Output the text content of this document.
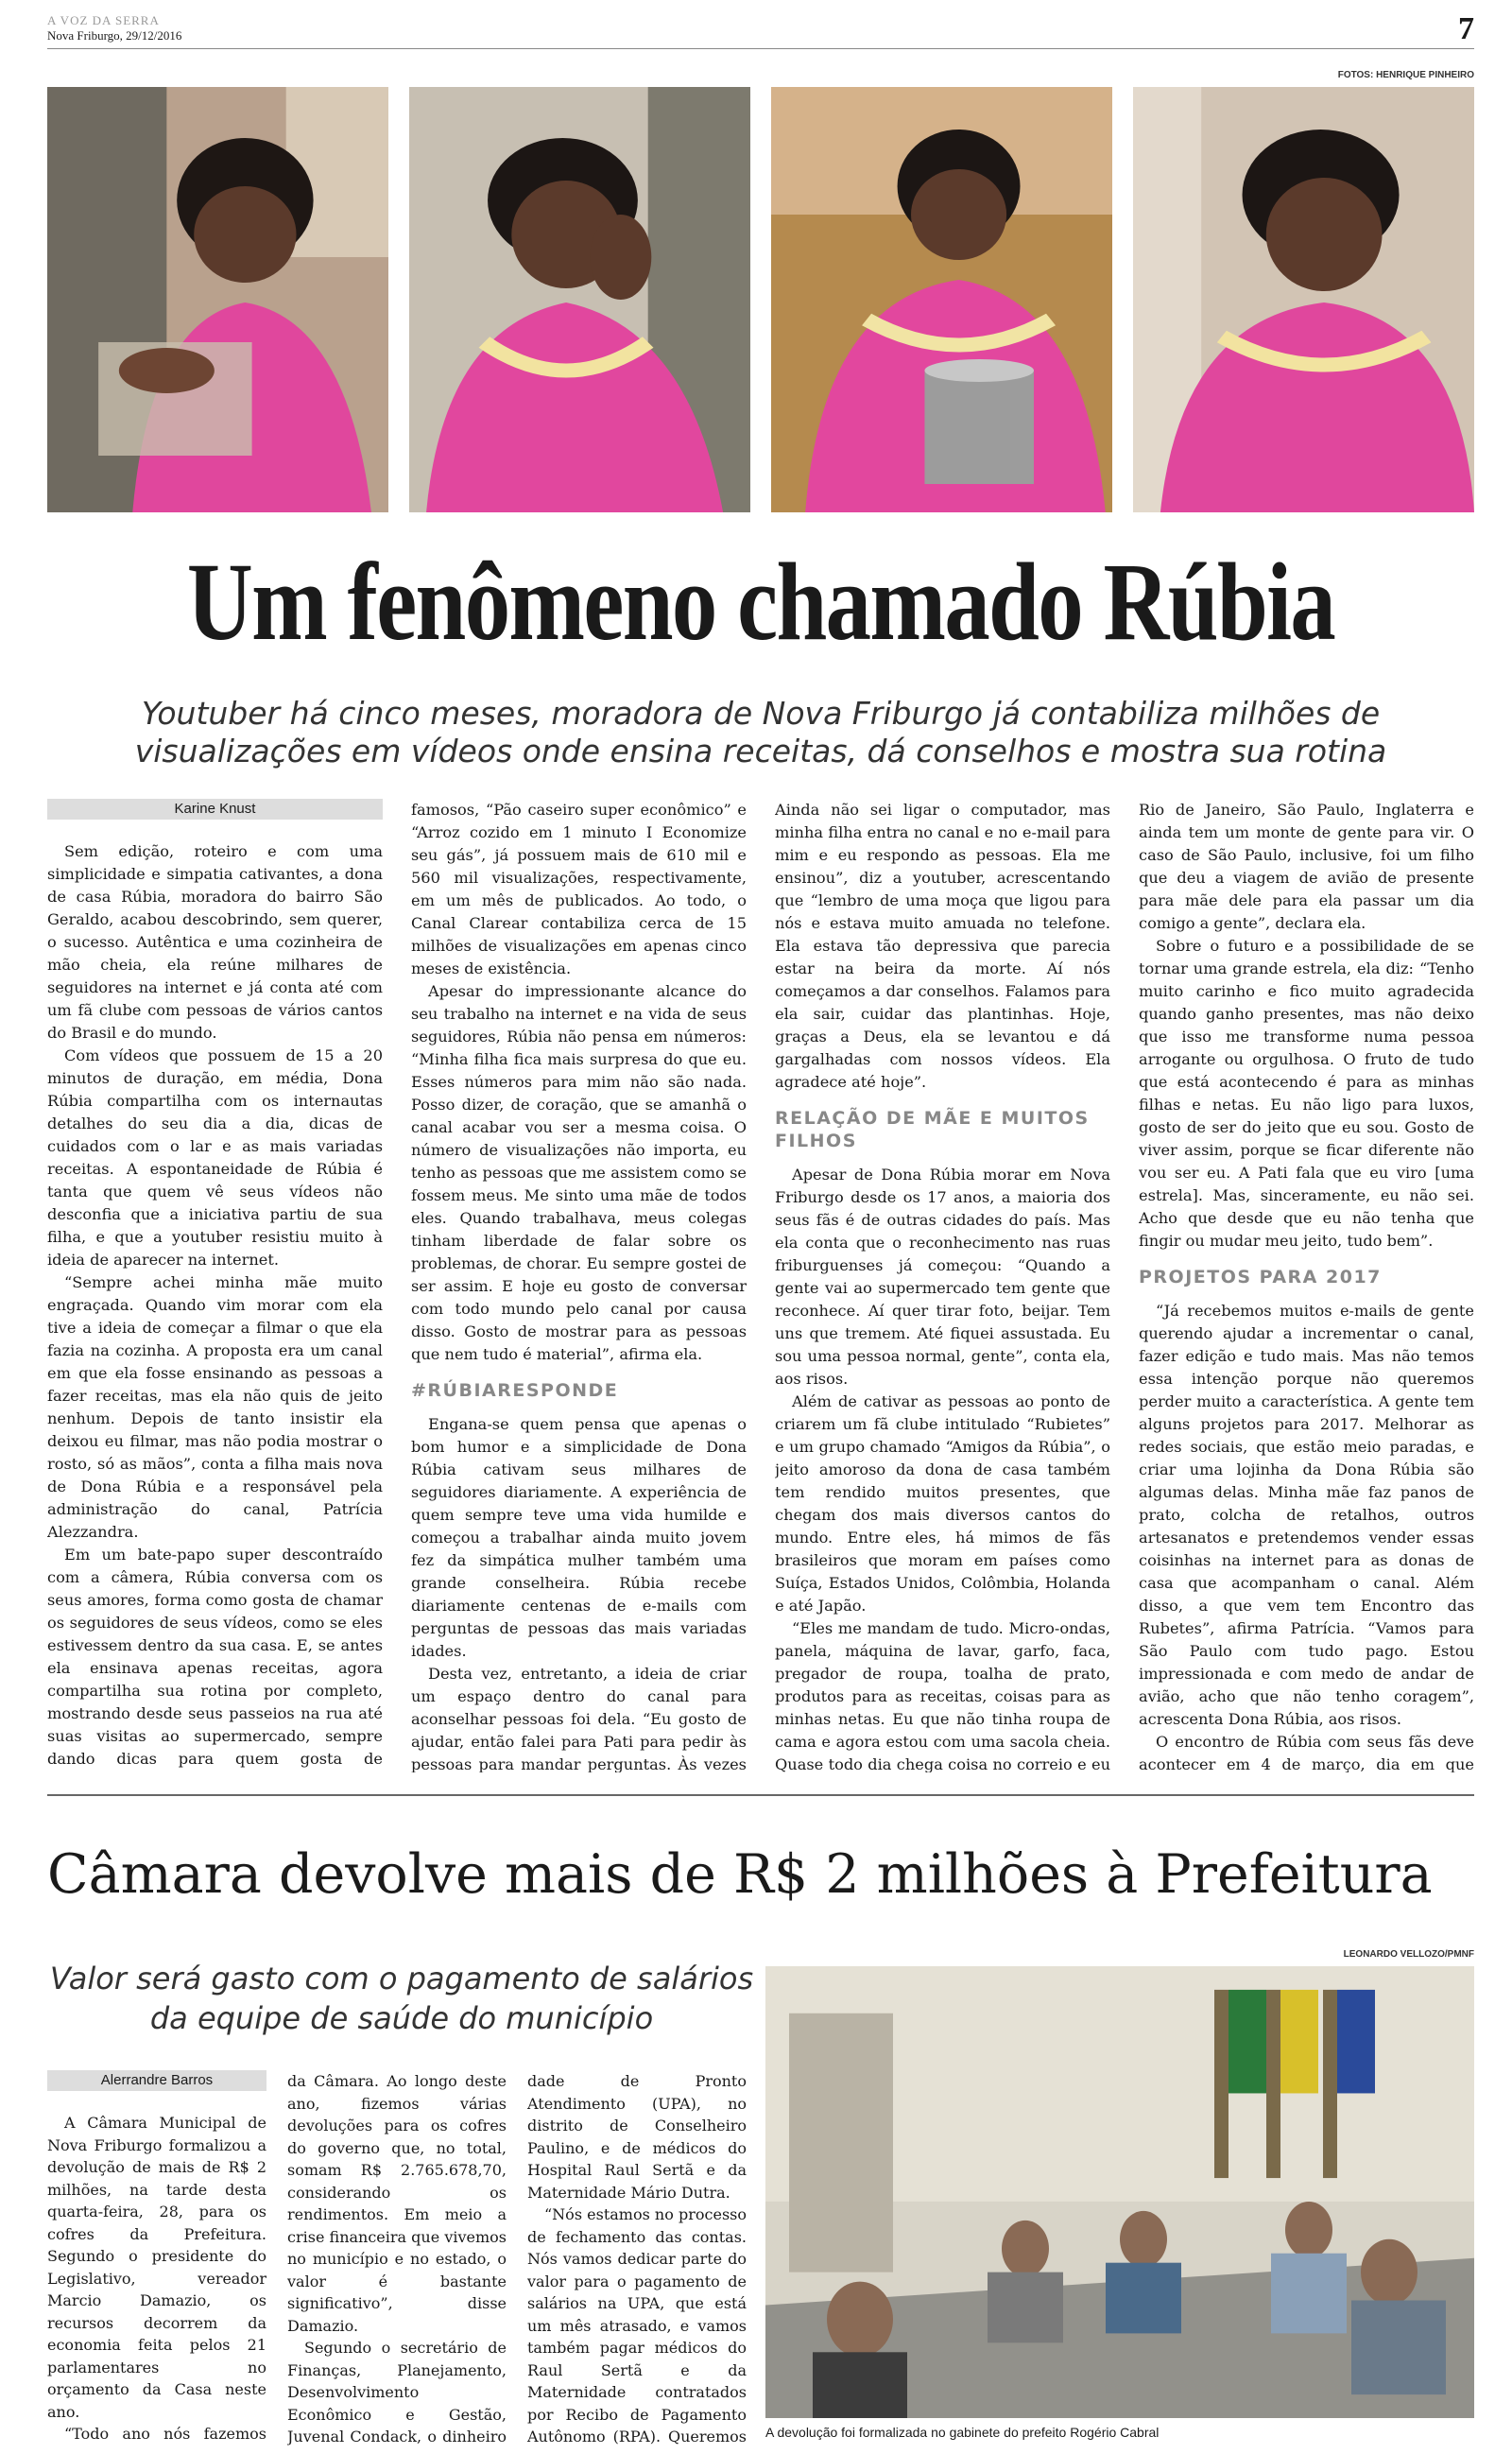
A VOZ DA SERRA
Nova Friburgo, 29/12/2016	7
FOTOS: HENRIQUE PINHEIRO
Um fenômeno chamado Rúbia
Youtuber há cinco meses, moradora de Nova Friburgo já contabiliza milhões de visualizações em vídeos onde ensina receitas, dá conselhos e mostra sua rotina
Karine Knust

Sem edição, roteiro e com uma simplicidade e simpatia cativantes, a dona de casa Rúbia, moradora do bairro São Geraldo, acabou descobrindo, sem querer, o sucesso. Autêntica e uma cozinheira de mão cheia, ela reúne milhares de seguidores na internet e já conta até com um fã clube com pessoas de vários cantos do Brasil e do mundo.

Com vídeos que possuem de 15 a 20 minutos de duração, em média, Dona Rúbia compartilha com os internautas detalhes do seu dia a dia, dicas de cuidados com o lar e as mais variadas receitas. A espontaneidade de Rúbia é tanta que quem vê seus vídeos não desconfia que a iniciativa partiu de sua filha, e que a youtuber resistiu muito à ideia de aparecer na internet.

“Sempre achei minha mãe muito engraçada. Quando vim morar com ela tive a ideia de começar a filmar o que ela fazia na cozinha. A proposta era um canal em que ela fosse ensinando as pessoas a fazer receitas, mas ela não quis de jeito nenhum. Depois de tanto insistir ela deixou eu filmar, mas não podia mostrar o rosto, só as mãos”, conta a filha mais nova de Dona Rúbia e a responsável pela administração do canal, Patrícia Alezzandra.

Em um bate-papo super descontraído com a câmera, Rúbia conversa com os seus amores, forma como gosta de chamar os seguidores de seus vídeos, como se eles estivessem dentro da sua casa. E, se antes ela ensinava apenas receitas, agora compartilha sua rotina por completo, mostrando desde seus passeios na rua até suas visitas ao supermercado, sempre dando dicas para quem gosta de

famosos, “Pão caseiro super econômico” e “Arroz cozido em 1 minuto I Economize seu gás”, já possuem mais de 610 mil e 560 mil visualizações, respectivamente, em um mês de publicados. Ao todo, o Canal Clarear contabiliza cerca de 15 milhões de visualizações em apenas cinco meses de existência.

Apesar do impressionante alcance do seu trabalho na internet e na vida de seus seguidores, Rúbia não pensa em números: “Minha filha fica mais surpresa do que eu. Esses números para mim não são nada. Posso dizer, de coração, que se amanhã o canal acabar vou ser a mesma coisa. O número de visualizações não importa, eu tenho as pessoas que me assistem como se fossem meus. Me sinto uma mãe de todos eles. Quando trabalhava, meus colegas tinham liberdade de falar sobre os problemas, de chorar. Eu sempre gostei de ser assim. E hoje eu gosto de conversar com todo mundo pelo canal por causa disso. Gosto de mostrar para as pessoas que nem tudo é material”, afirma ela.

#RÚBIARESPONDE

Engana-se quem pensa que apenas o bom humor e a simplicidade de Dona Rúbia cativam seus milhares de seguidores diariamente. A experiência de quem sempre teve uma vida humilde e começou a trabalhar ainda muito jovem fez da simpática mulher também uma grande conselheira. Rúbia recebe diariamente centenas de e-mails com perguntas de pessoas das mais variadas idades.

Desta vez, entretanto, a ideia de criar um espaço dentro do canal para aconselhar pessoas foi dela. “Eu gosto de ajudar, então falei para Pati para pedir às pessoas para mandar perguntas. Às vezes

Ainda não sei ligar o computador, mas minha filha entra no canal e no e-mail para mim e eu respondo as pessoas. Ela me ensinou”, diz a youtuber, acrescentando que “lembro de uma moça que ligou para nós e estava muito amuada no telefone. Ela estava tão depressiva que parecia estar na beira da morte. Aí nós começamos a dar conselhos. Falamos para ela sair, cuidar das plantinhas. Hoje, graças a Deus, ela se levantou e dá gargalhadas com nossos vídeos. Ela agradece até hoje”.

RELAÇÃO DE MÃE E MUITOS FILHOS

Apesar de Dona Rúbia morar em Nova Friburgo desde os 17 anos, a maioria dos seus fãs é de outras cidades do país. Mas ela conta que o reconhecimento nas ruas friburguenses já começou: “Quando a gente vai ao supermercado tem gente que reconhece. Aí quer tirar foto, beijar. Tem uns que tremem. Até fiquei assustada. Eu sou uma pessoa normal, gente”, conta ela, aos risos.

Além de cativar as pessoas ao ponto de criarem um fã clube intitulado “Rubietes” e um grupo chamado “Amigos da Rúbia”, o jeito amoroso da dona de casa também tem rendido muitos presentes, que chegam dos mais diversos cantos do mundo. Entre eles, há mimos de fãs brasileiros que moram em países como Suíça, Estados Unidos, Colômbia, Holanda e até Japão.

“Eles me mandam de tudo. Micro-ondas, panela, máquina de lavar, garfo, faca, pregador de roupa, toalha de prato, produtos para as receitas, coisas para as minhas netas. Eu que não tinha roupa de cama e agora estou com uma sacola cheia. Quase todo dia chega coisa no correio e eu

Rio de Janeiro, São Paulo, Inglaterra e ainda tem um monte de gente para vir. O caso de São Paulo, inclusive, foi um filho que deu a viagem de avião de presente para mãe dele para ela passar um dia comigo a gente”, declara ela.

Sobre o futuro e a possibilidade de se tornar uma grande estrela, ela diz: “Tenho muito carinho e fico muito agradecida quando ganho presentes, mas não deixo que isso me transforme numa pessoa arrogante ou orgulhosa. O fruto de tudo que está acontecendo é para as minhas filhas e netas. Eu não ligo para luxos, gosto de ser do jeito que eu sou. Gosto de viver assim, porque se ficar diferente não vou ser eu. A Pati fala que eu viro [uma estrela]. Mas, sinceramente, eu não sei. Acho que desde que eu não tenha que fingir ou mudar meu jeito, tudo bem”.

PROJETOS PARA 2017

“Já recebemos muitos e-mails de gente querendo ajudar a incrementar o canal, fazer edição e tudo mais. Mas não temos essa intenção porque não queremos perder muito a característica. A gente tem alguns projetos para 2017. Melhorar as redes sociais, que estão meio paradas, e criar uma lojinha da Dona Rúbia são algumas delas. Minha mãe faz panos de prato, colcha de retalhos, outros artesanatos e pretendemos vender essas coisinhas na internet para as donas de casa que acompanham o canal. Além disso, a que vem tem Encontro das Rubetes”, afirma Patrícia. “Vamos para São Paulo com tudo pago. Estou impressionada e com medo de andar de avião, acho que não tenho coragem”, acrescenta Dona Rúbia, aos risos.

O encontro de Rúbia com seus fãs deve acontecer em 4 de março, dia em que

Câmara devolve mais de R$ 2 milhões à Prefeitura
Valor será gasto com o pagamento de salários da equipe de saúde do município
LEONARDO VELLOZO/PMNF
Alerrandre Barros

A Câmara Municipal de Nova Friburgo formalizou a devolução de mais de R$ 2 milhões, na tarde desta quarta-feira, 28, para os cofres da Prefeitura. Segundo o presidente do Legislativo, vereador Marcio Damazio, os recursos decorrem da economia feita pelos 21 parlamentares no orçamento da Casa neste ano.

“Todo ano nós fazemos

da Câmara. Ao longo deste ano, fizemos várias devoluções para os cofres do governo que, no total, somam R$ 2.765.678,70, considerando os rendimentos. Em meio a crise financeira que vivemos no município e no estado, o valor é bastante significativo”, disse Damazio.

Segundo o secretário de Finanças, Planejamento, Desenvolvimento Econômico e Gestão, Juvenal Condack, o dinheiro

dade de Pronto Atendimento (UPA), no distrito de Conselheiro Paulino, e de médicos do Hospital Raul Sertã e da Maternidade Mário Dutra.

“Nós estamos no processo de fechamento das contas. Nós vamos dedicar parte do valor para o pagamento de salários na UPA, que está um mês atrasado, e vamos também pagar médicos do Raul Sertã e da Maternidade contratados por Recibo de Pagamento Autônomo (RPA). Queremos A devolução foi formalizada no gabinete do prefeito Rogério Cabral
